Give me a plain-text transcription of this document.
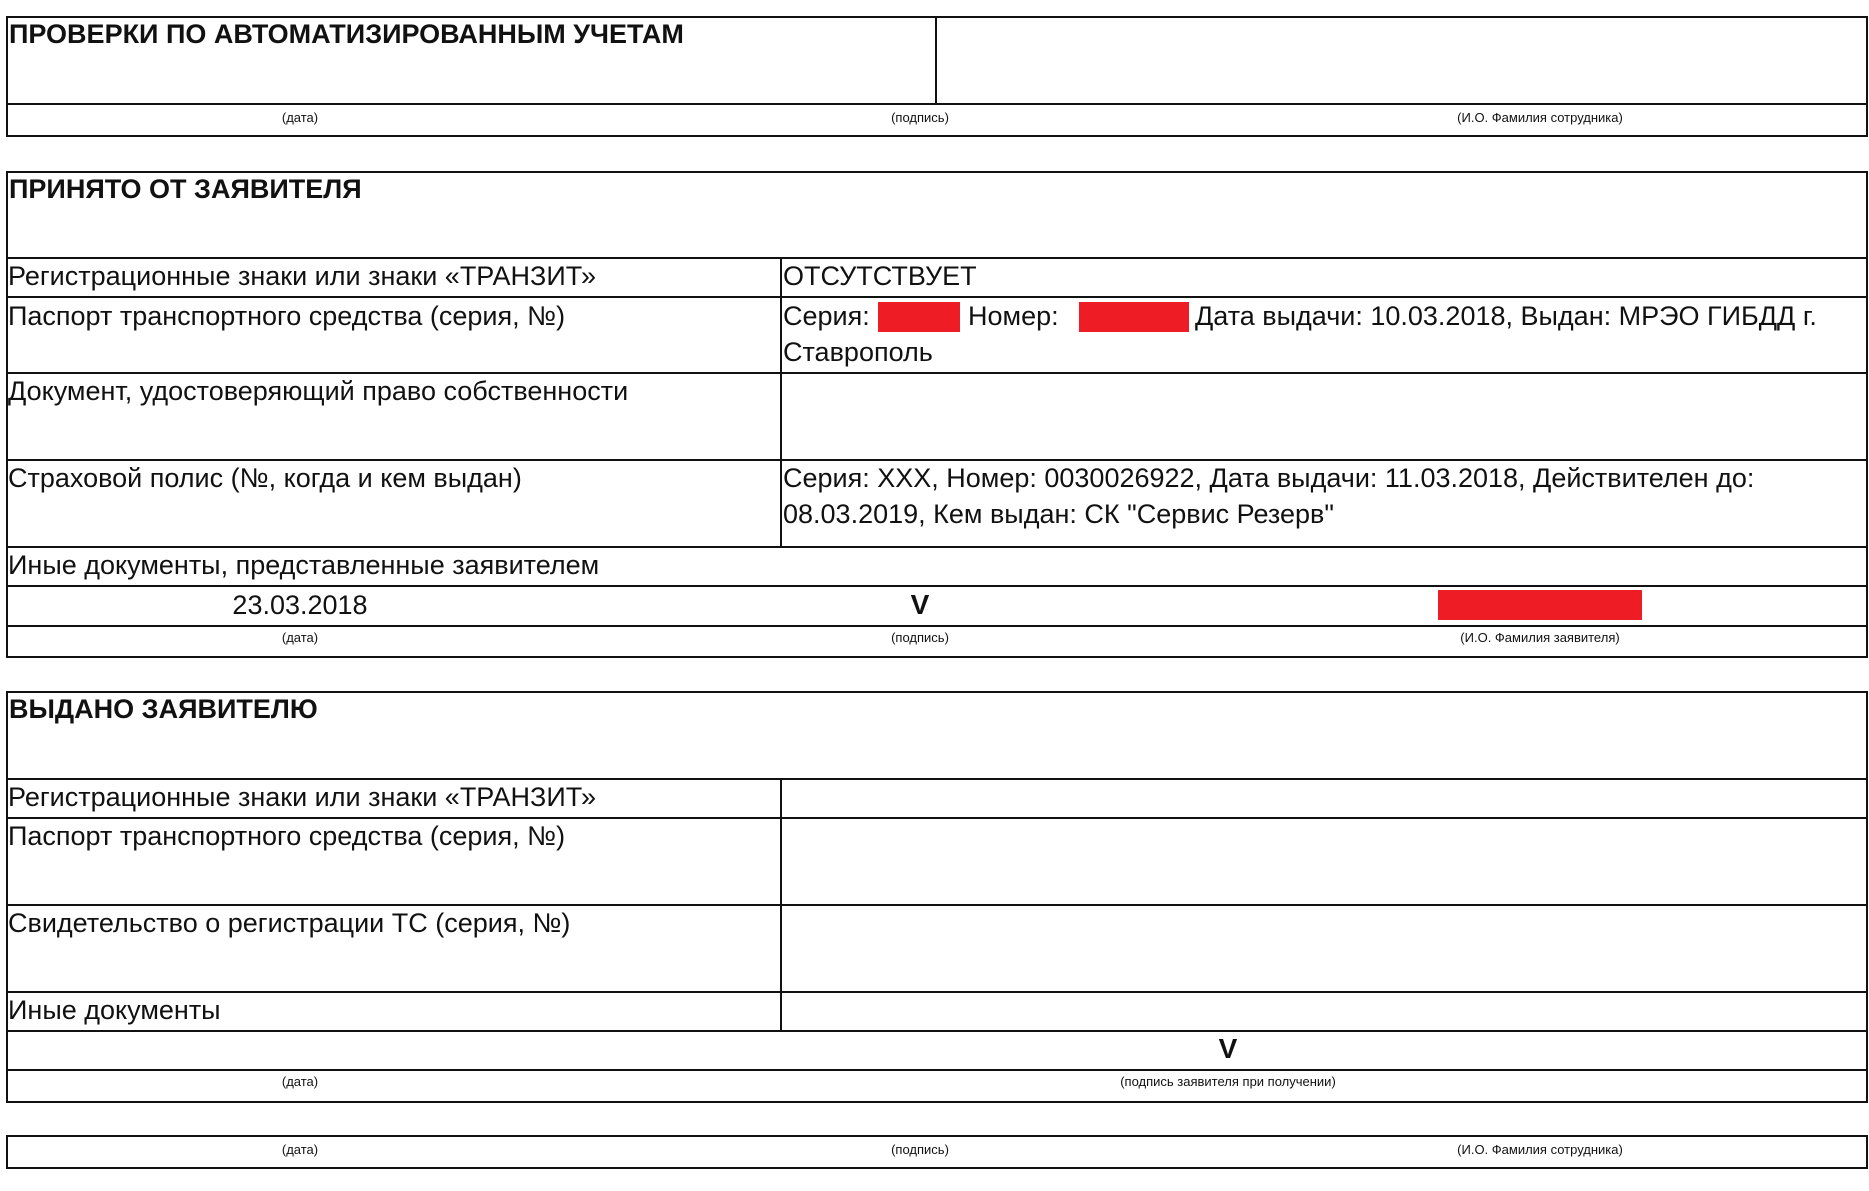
ПРОВЕРКИ ПО АВТОМАТИЗИРОВАННЫМ УЧЕТАМ
(дата)	(подпись)	(И.О. Фамилия сотрудника)
ПРИНЯТО ОТ ЗАЯВИТЕЛЯ
Регистрационные знаки или знаки «ТРАНЗИТ»	ОТСУТСТВУЕТ
Паспорт транспортного средства (серия, №)	Серия:	Номер:	Дата выдачи: 10.03.2018, Выдан: МРЭО ГИБДД г. Ставрополь
Документ, удостоверяющий право собственности
Страховой полис (№, когда и кем выдан)	Серия: XXX, Номер: 0030026922, Дата выдачи: 11.03.2018, Действителен до: 08.03.2019, Кем выдан: СК "Сервис Резерв"
Иные документы, представленные заявителем
23.03.2018	V
(дата)	(подпись)	(И.О. Фамилия заявителя)
ВЫДАНО ЗАЯВИТЕЛЮ
Регистрационные знаки или знаки «ТРАНЗИТ»
Паспорт транспортного средства (серия, №)
Свидетельство о регистрации ТС (серия, №)
Иные документы
V
(дата)	(подпись заявителя при получении)
(дата)	(подпись)	(И.О. Фамилия сотрудника)
